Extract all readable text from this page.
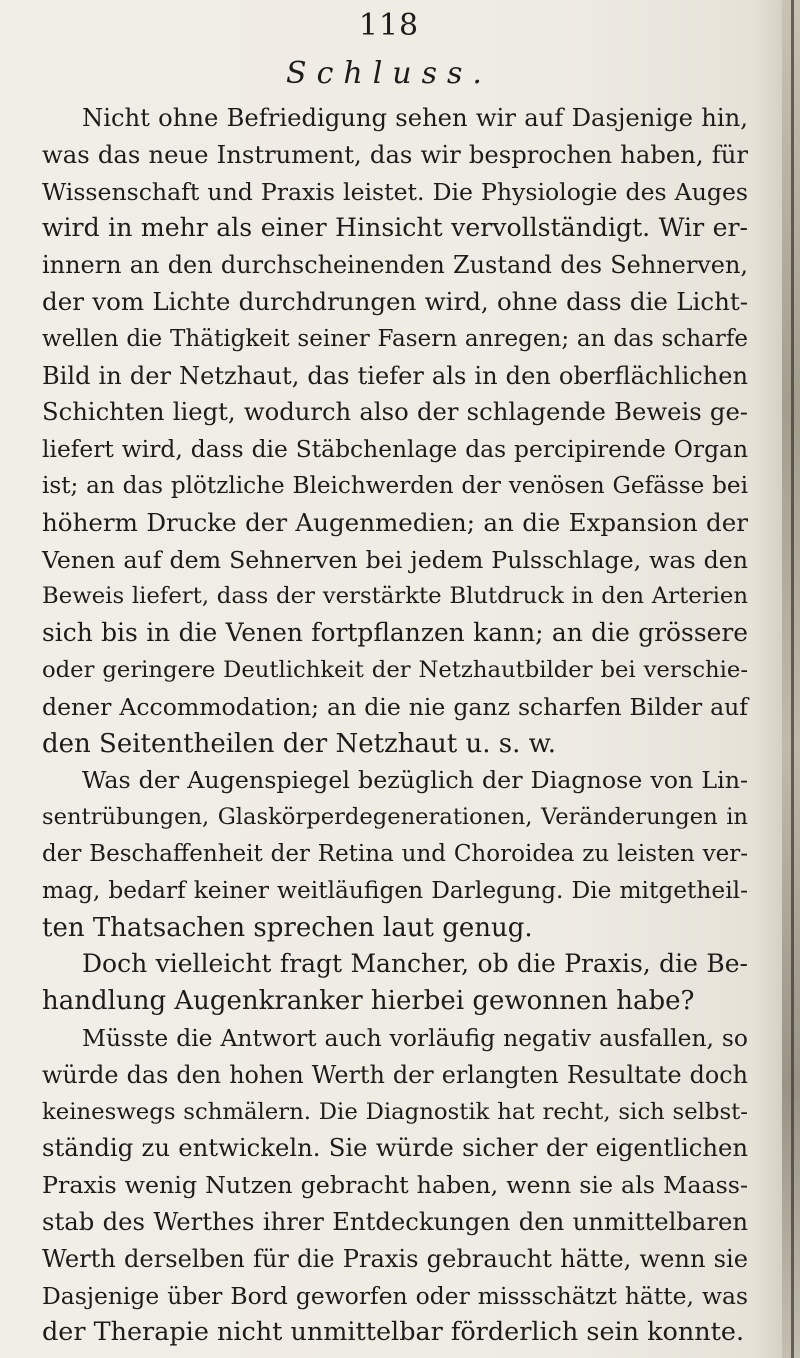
118
Schluss.
Nicht ohne Befriedigung sehen wir auf Dasjenige hin,
was das neue Instrument, das wir besprochen haben, für
Wissenschaft und Praxis leistet. Die Physiologie des Auges
wird in mehr als einer Hinsicht vervollständigt. Wir er-
innern an den durchscheinenden Zustand des Sehnerven,
der vom Lichte durchdrungen wird, ohne dass die Licht-
wellen die Thätigkeit seiner Fasern anregen; an das scharfe
Bild in der Netzhaut, das tiefer als in den oberflächlichen
Schichten liegt, wodurch also der schlagende Beweis ge-
liefert wird, dass die Stäbchenlage das percipirende Organ
ist; an das plötzliche Bleichwerden der venösen Gefässe bei
höherm Drucke der Augenmedien; an die Expansion der
Venen auf dem Sehnerven bei jedem Pulsschlage, was den
Beweis liefert, dass der verstärkte Blutdruck in den Arterien
sich bis in die Venen fortpflanzen kann; an die grössere
oder geringere Deutlichkeit der Netzhautbilder bei verschie-
dener Accommodation; an die nie ganz scharfen Bilder auf
den Seitentheilen der Netzhaut u. s. w.
Was der Augenspiegel bezüglich der Diagnose von Lin-
sentrübungen, Glaskörperdegenerationen, Veränderungen in
der Beschaffenheit der Retina und Choroidea zu leisten ver-
mag, bedarf keiner weitläufigen Darlegung. Die mitgetheil-
ten Thatsachen sprechen laut genug.
Doch vielleicht fragt Mancher, ob die Praxis, die Be-
handlung Augenkranker hierbei gewonnen habe?
Müsste die Antwort auch vorläufig negativ ausfallen, so
würde das den hohen Werth der erlangten Resultate doch
keineswegs schmälern. Die Diagnostik hat recht, sich selbst-
ständig zu entwickeln. Sie würde sicher der eigentlichen
Praxis wenig Nutzen gebracht haben, wenn sie als Maass-
stab des Werthes ihrer Entdeckungen den unmittelbaren
Werth derselben für die Praxis gebraucht hätte, wenn sie
Dasjenige über Bord geworfen oder missschätzt hätte, was
der Therapie nicht unmittelbar förderlich sein konnte.
